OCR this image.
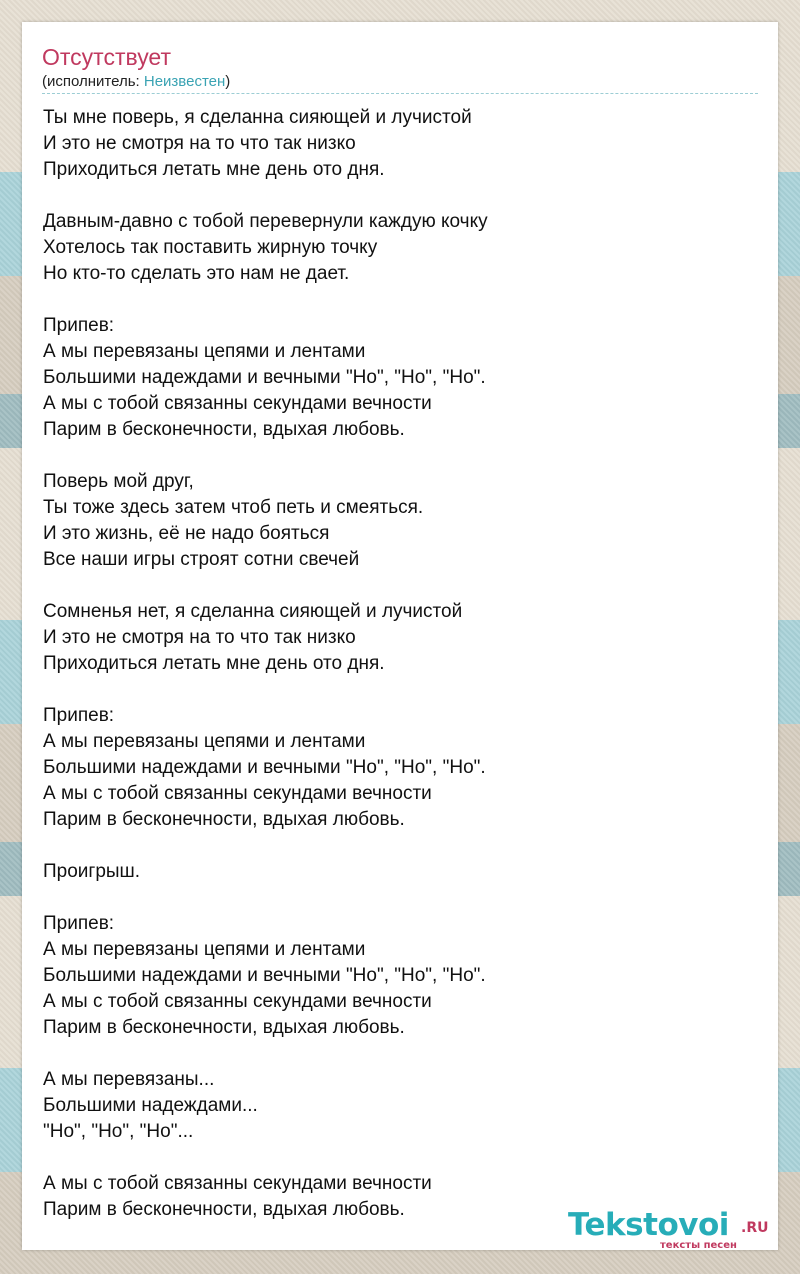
Отсутствует
(исполнитель: Неизвестен)
Ты мне поверь, я сделанна сияющей и лучистой
И это не смотря на то что так низко
Приходиться летать мне день ото дня.
Давным-давно с тобой перевернули каждую кочку
Хотелось так поставить жирную точку
Но кто-то сделать это нам не дает.
Припев:
А мы перевязаны цепями и лентами
Большими надеждами и вечными "Но", "Но", "Но".
А мы с тобой связанны секундами вечности
Парим в бесконечности, вдыхая любовь.
Поверь мой друг,
Ты тоже здесь затем чтоб петь и смеяться.
И это жизнь, её не надо бояться
Все наши игры строят сотни свечей
Сомненья нет, я сделанна сияющей и лучистой
И это не смотря на то что так низко
Приходиться летать мне день ото дня.
Припев:
А мы перевязаны цепями и лентами
Большими надеждами и вечными "Но", "Но", "Но".
А мы с тобой связанны секундами вечности
Парим в бесконечности, вдыхая любовь.
Проигрыш.
Припев:
А мы перевязаны цепями и лентами
Большими надеждами и вечными "Но", "Но", "Но".
А мы с тобой связанны секундами вечности
Парим в бесконечности, вдыхая любовь.
А мы перевязаны...
Большими надеждами...
"Но", "Но", "Но"...
А мы с тобой связанны секундами вечности
Парим в бесконечности, вдыхая любовь.	Tekstovoi .RU
тексты песен
